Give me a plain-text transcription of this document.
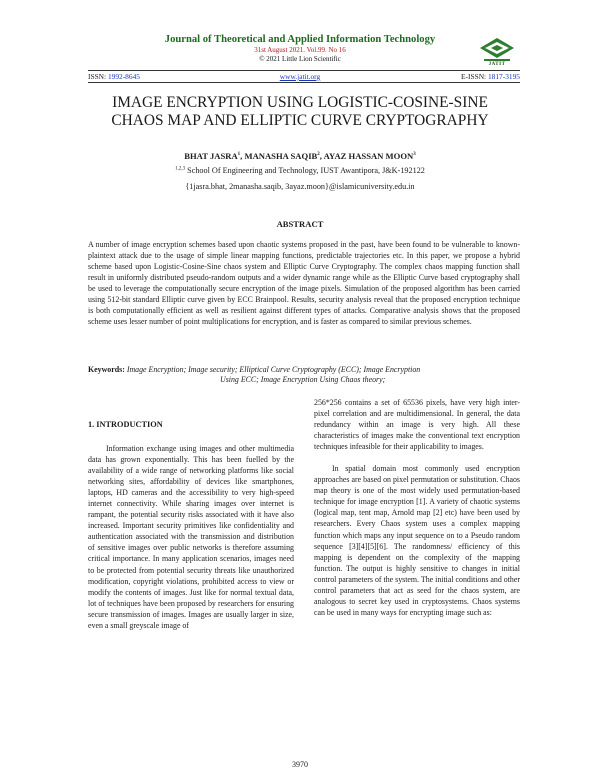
Journal of Theoretical and Applied Information Technology
31st August 2021. Vol.99. No 16
© 2021 Little Lion Scientific
JATIT
ISSN: 1992-8645	www.jatit.org	E-ISSN: 1817-3195
IMAGE ENCRYPTION USING LOGISTIC-COSINE-SINE
CHAOS MAP AND ELLIPTIC CURVE CRYPTOGRAPHY
BHAT JASRA$^1$, MANASHA SAQIB$^2$, AYAZ HASSAN MOON$^3$
$^{1,2,3}$ School Of Engineering and Technology, IUST Awantipora, J&K-192122
{1jasra.bhat, 2manasha.saqib, 3ayaz.moon}@islamicuniversity.edu.in
ABSTRACT
A number of image encryption schemes based upon chaotic systems proposed in the past, have been found to be vulnerable to known-plaintext attack due to the usage of simple linear mapping functions, predictable trajectories etc. In this paper, we propose a hybrid scheme based upon Logistic-Cosine-Sine chaos system and Elliptic Curve Cryptography. The complex chaos mapping function shall result in uniformly distributed pseudo-random outputs and a wider dynamic range while as the Elliptic Curve based cryptography shall be used to leverage the computationally secure encryption of the image pixels. Simulation of the proposed algorithm has been carried using 512-bit standard Elliptic curve given by ECC Brainpool. Results, security analysis reveal that the proposed encryption technique is both computationally efficient as well as resilient against different types of attacks. Comparative analysis shows that the proposed scheme uses lesser number of point multiplications for encryption, and is faster as compared to similar previous schemes.
Keywords: Image Encryption; Image security; Elliptical Curve Cryptography (ECC); Image Encryption
Using ECC; Image Encryption Using Chaos theory;
1. INTRODUCTION

Information exchange using images and other multimedia data has grown exponentially. This has been fuelled by the availability of a wide range of networking platforms like social networking sites, affordability of devices like smartphones, laptops, HD cameras and the accessibility to very high-speed internet connectivity. While sharing images over internet is rampant, the potential security risks associated with it have also increased. Important security primitives like confidentiality and authentication associated with the transmission and distribution of sensitive images over public networks is therefore assuming critical importance. In many application scenarios, images need to be protected from potential security threats like unauthorized modification, copyright violations, prohibited access to view or modify the contents of images. Just like for normal textual data, lot of techniques have been proposed by researchers for ensuring secure transmission of images. Images are usually larger in size, even a small greyscale image of

256*256 contains a set of 65536 pixels, have very high inter-pixel correlation and are multidimensional. In general, the data redundancy within an image is very high. All these characteristics of images make the conventional text encryption techniques infeasible for their applicability to images.

In spatial domain most commonly used encryption approaches are based on pixel permutation or substitution. Chaos map theory is one of the most widely used permutation-based technique for image encryption [1]. A variety of chaotic systems (logical map, tent map, Arnold map [2] etc) have been used by researchers. Every Chaos system uses a complex mapping function which maps any input sequence on to a Pseudo random sequence [3][4][5][6]. The randomness/ efficiency of this mapping is dependent on the complexity of the mapping function. The output is highly sensitive to changes in initial control parameters of the system. The initial conditions and other control parameters that act as seed for the chaos system, are analogous to secret key used in cryptosystems. Chaos systems can be used in many ways for encrypting image such as:

3970
